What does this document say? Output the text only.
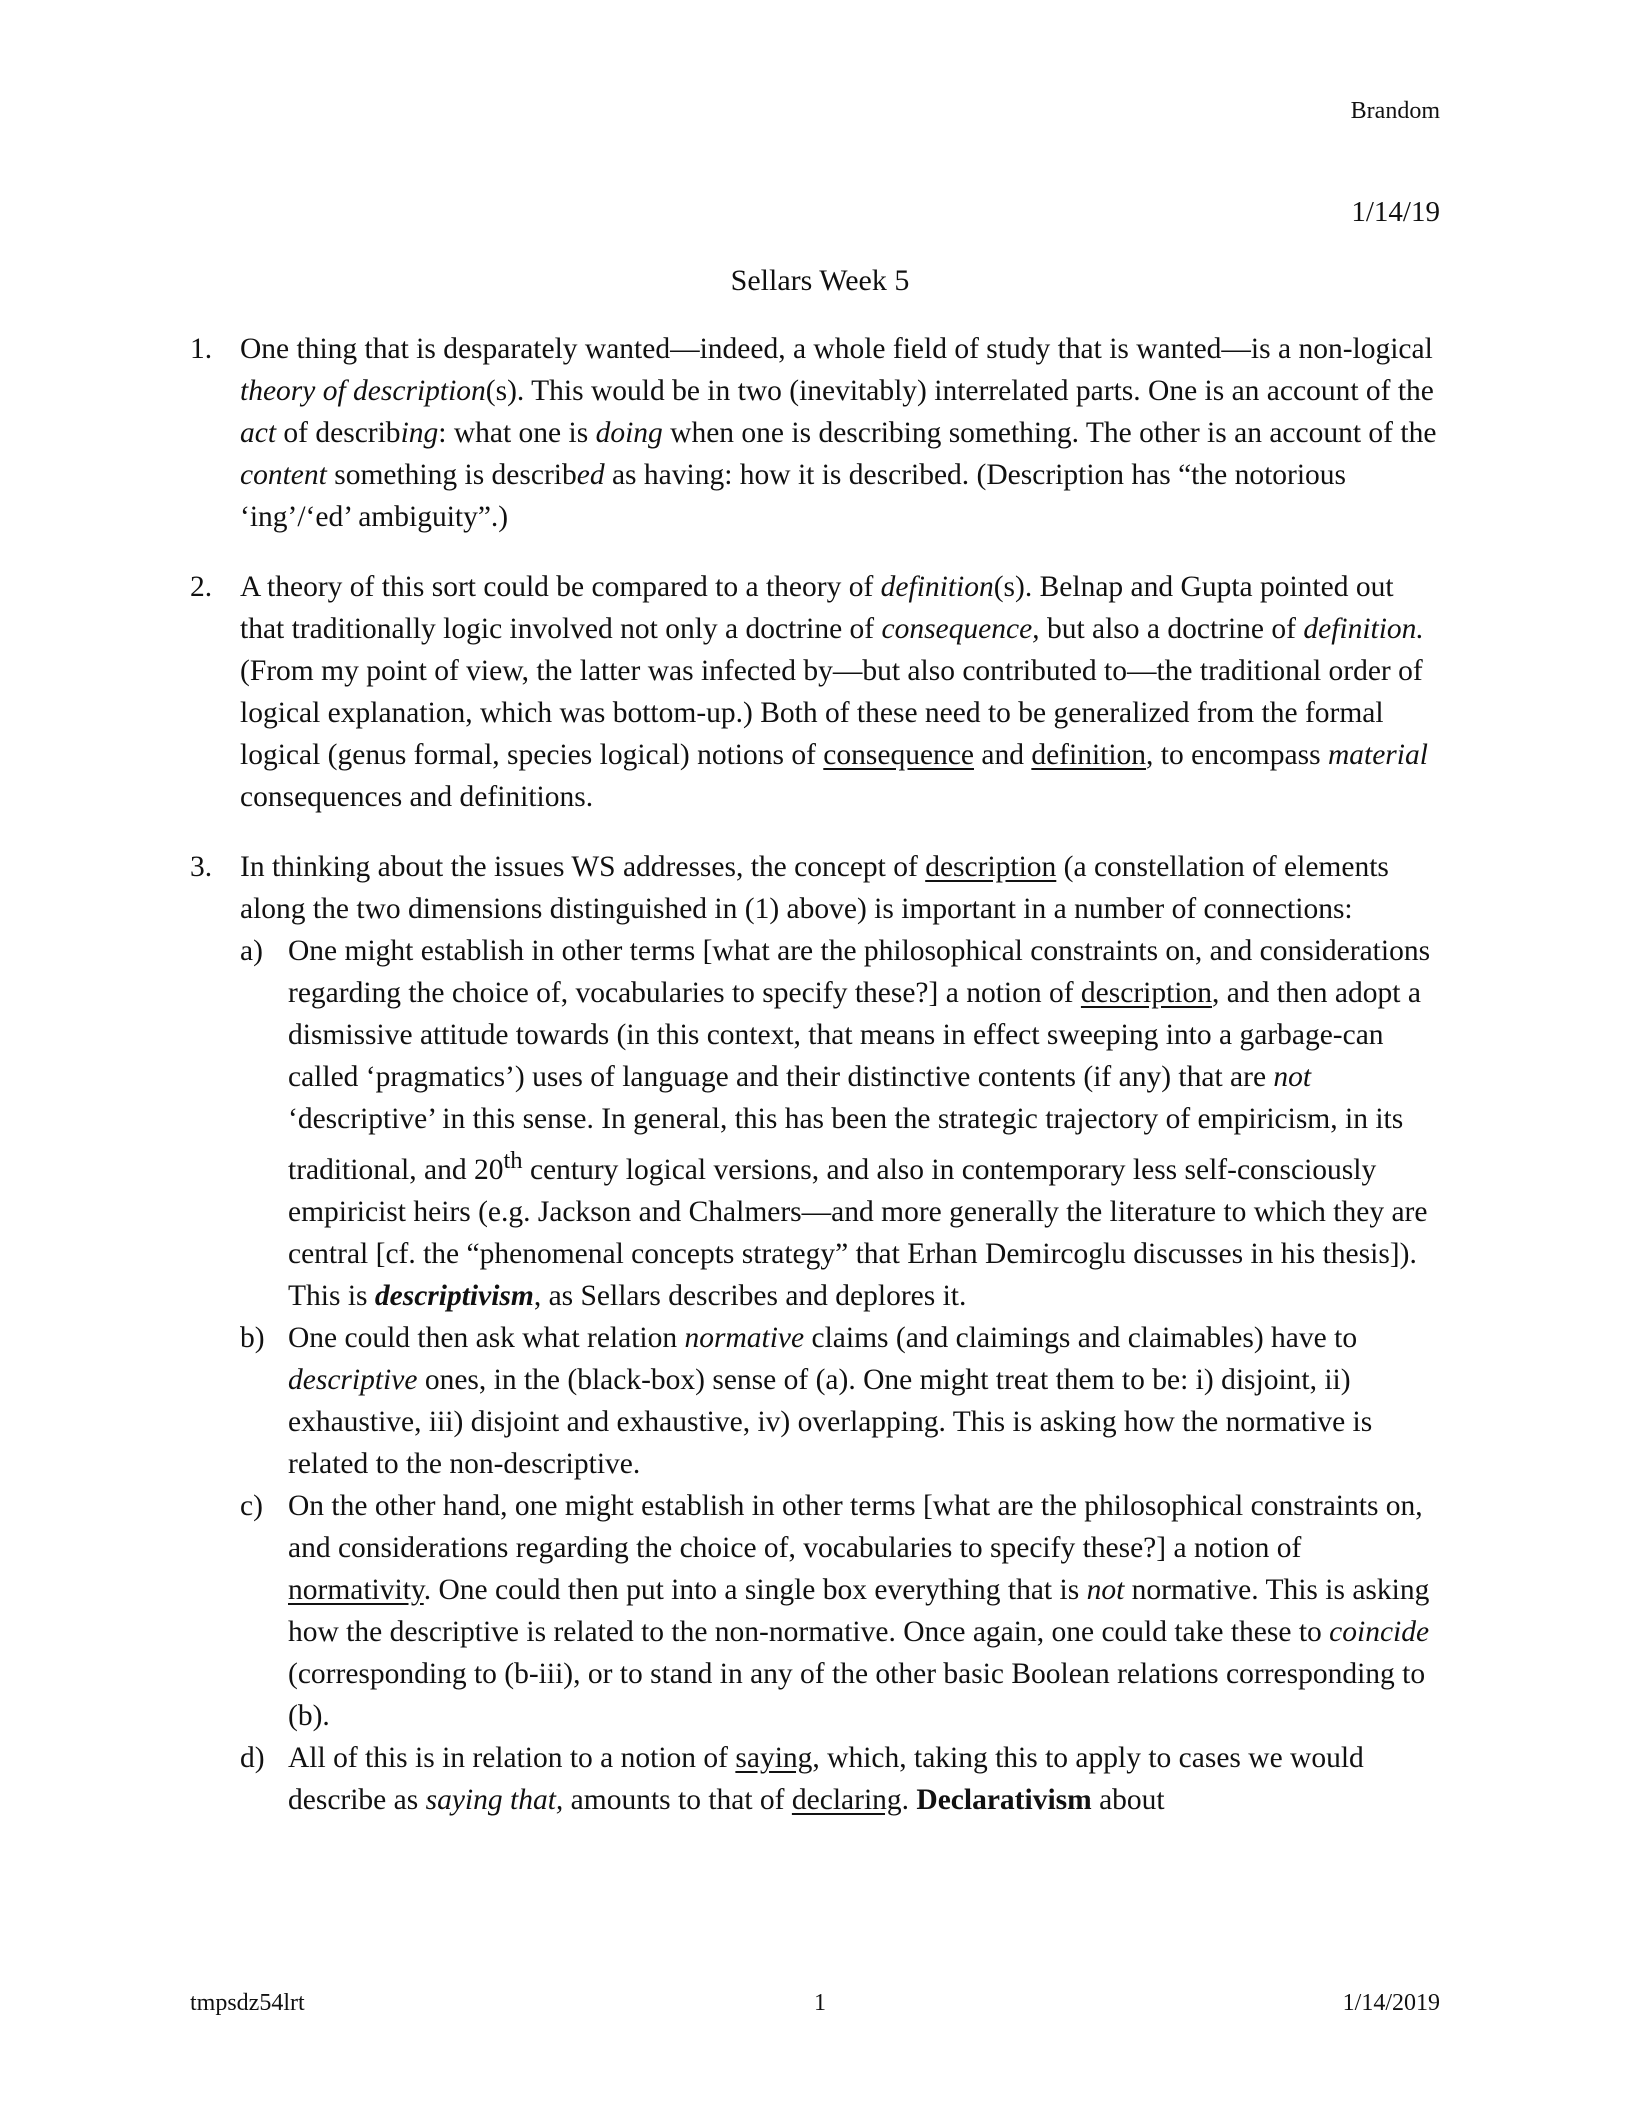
Brandom
1/14/19
Sellars Week 5
1. One thing that is desparately wanted—indeed, a whole field of study that is wanted—is a non-logical theory of description(s). This would be in two (inevitably) interrelated parts. One is an account of the act of describing: what one is doing when one is describing something. The other is an account of the content something is described as having: how it is described. (Description has “the notorious ‘ing’/‘ed’ ambiguity”.)
2. A theory of this sort could be compared to a theory of definition(s). Belnap and Gupta pointed out that traditionally logic involved not only a doctrine of consequence, but also a doctrine of definition. (From my point of view, the latter was infected by—but also contributed to—the traditional order of logical explanation, which was bottom-up.) Both of these need to be generalized from the formal logical (genus formal, species logical) notions of consequence and definition, to encompass material consequences and definitions.
3. In thinking about the issues WS addresses, the concept of description (a constellation of elements along the two dimensions distinguished in (1) above) is important in a number of connections:
a) One might establish in other terms [what are the philosophical constraints on, and considerations regarding the choice of, vocabularies to specify these?] a notion of description, and then adopt a dismissive attitude towards (in this context, that means in effect sweeping into a garbage-can called ‘pragmatics’) uses of language and their distinctive contents (if any) that are not ‘descriptive’ in this sense. In general, this has been the strategic trajectory of empiricism, in its traditional, and 20th century logical versions, and also in contemporary less self-consciously empiricist heirs (e.g. Jackson and Chalmers—and more generally the literature to which they are central [cf. the “phenomenal concepts strategy” that Erhan Demircoglu discusses in his thesis]). This is descriptivism, as Sellars describes and deplores it.
b) One could then ask what relation normative claims (and claimings and claimables) have to descriptive ones, in the (black-box) sense of (a). One might treat them to be: i) disjoint, ii) exhaustive, iii) disjoint and exhaustive, iv) overlapping. This is asking how the normative is related to the non-descriptive.
c) On the other hand, one might establish in other terms [what are the philosophical constraints on, and considerations regarding the choice of, vocabularies to specify these?] a notion of normativity. One could then put into a single box everything that is not normative. This is asking how the descriptive is related to the non-normative. Once again, one could take these to coincide (corresponding to (b-iii), or to stand in any of the other basic Boolean relations corresponding to (b).
d) All of this is in relation to a notion of saying, which, taking this to apply to cases we would describe as saying that, amounts to that of declaring. Declarativism about
tmpsdz54lrt	1	1/14/2019
